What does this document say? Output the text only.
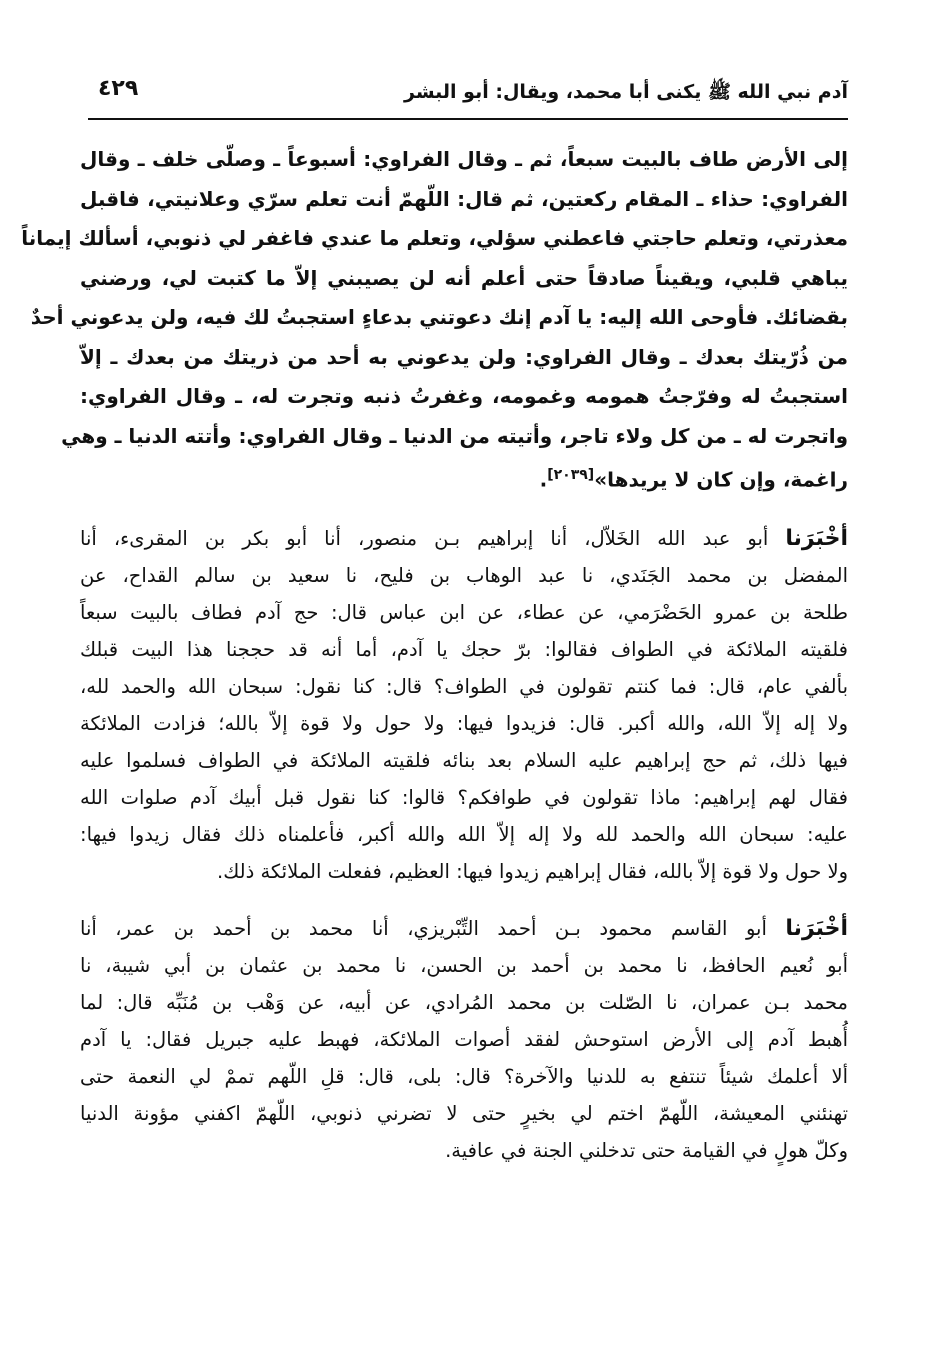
٤٢٩	آدم نبي الله ﷺ يكنى أبا محمد، ويقال: أبو البشر
إلى الأرض طاف بالبيت سبعاً، ثم ـ وقال الفراوي: أسبوعاً ـ وصلّى خلف ـ وقال
الفراوي: حذاء ـ المقام ركعتين، ثم قال: اللّهمّ أنت تعلم سرّي وعلانيتي، فاقبل
معذرتي، وتعلم حاجتي فاعطني سؤلي، وتعلم ما عندي فاغفر لي ذنوبي، أسألك إيماناً
يباهي قلبي، ويقيناً صادقاً حتى أعلم أنه لن يصيبني إلاّ ما كتبت لي، ورضني
بقضائك. فأوحى الله إليه: يا آدم إنك دعوتني بدعاءٍ استجبتُ لك فيه، ولن يدعوني أحدٌ
من ذُرّيتك بعدك ـ وقال الفراوي: ولن يدعوني به أحد من ذريتك من بعدك ـ إلاّ
استجبتُ له وفرّجتُ همومه وغمومه، وغفرتُ ذنبه وتجرت له، ـ وقال الفراوي:
واتجرت له ـ من كل ولاء تاجر، وأتيته من الدنيا ـ وقال الفراوي: وأتته الدنيا ـ وهي
راغمة، وإن كان لا يريدها»[٢٠٣٩].
أخْبَرَنا أبو عبد الله الخَلاّل، أنا إبراهيم بـن منصور، أنا أبو بكر بن المقرىء، أنا
المفضل بن محمد الجَنَدي، نا عبد الوهاب بن فليح، نا سعيد بن سالم القداح، عن
طلحة بن عمرو الحَضْرَمي، عن عطاء، عن ابن عباس قال: حج آدم فطاف بالبيت سبعاً
فلقيته الملائكة في الطواف فقالوا: برّ حجك يا آدم، أما أنه قد حججنا هذا البيت قبلك
بألفي عام، قال: فما كنتم تقولون في الطواف؟ قال: كنا نقول: سبحان الله والحمد لله،
ولا إله إلاّ الله، والله أكبر. قال: فزيدوا فيها: ولا حول ولا قوة إلاّ بالله؛ فزادت الملائكة
فيها ذلك، ثم حج إبراهيم عليه السلام بعد بنائه فلقيته الملائكة في الطواف فسلموا عليه
فقال لهم إبراهيم: ماذا تقولون في طوافكم؟ قالوا: كنا نقول قبل أبيك آدم صلوات الله
عليه: سبحان الله والحمد لله ولا إله إلاّ الله والله أكبر، فأعلمناه ذلك فقال زيدوا فيها:
ولا حول ولا قوة إلاّ بالله، فقال إبراهيم زيدوا فيها: العظيم، ففعلت الملائكة ذلك.
أخْبَرَنا أبو القاسم محمود بـن أحمد التِّبْريزي، أنا محمد بن أحمد بن عمر، أنا
أبو نُعيم الحافظ، نا محمد بن أحمد بن الحسن، نا محمد بن عثمان بن أبي شيبة، نا
محمد بـن عمران، نا الصّلت بن محمد المُرادي، عن أبيه، عن وَهْب بن مُنَبِّه قال: لما
أُهبط آدم إلى الأرض استوحش لفقد أصوات الملائكة، فهبط عليه جبريل فقال: يا آدم
ألا أعلمك شيئاً تنتفع به للدنيا والآخرة؟ قال: بلى، قال: قلِ اللّهم تممْ لي النعمة حتى
تهنئني المعيشة، اللّهمّ اختم لي بخيرٍ حتى لا تضرني ذنوبي، اللّهمّ اكفني مؤونة الدنيا
وكلّ هولٍ في القيامة حتى تدخلني الجنة في عافية.
